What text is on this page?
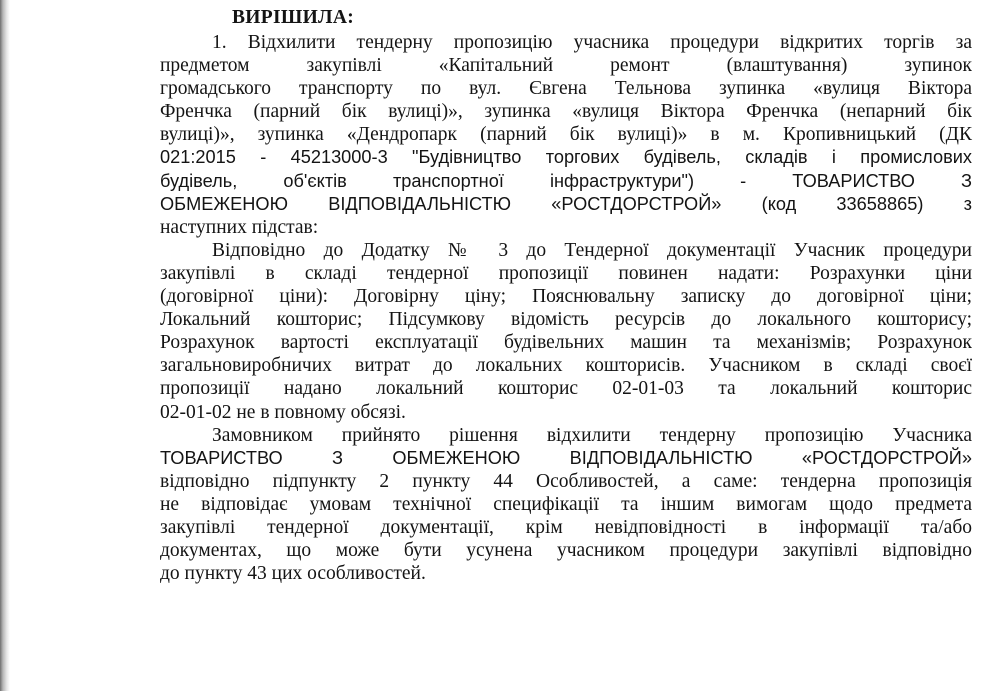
ВИРІШИЛА:
1. Відхилити тендерну пропозицію учасника процедури відкритих торгів за
предметом закупівлі «Капітальний ремонт (влаштування) зупинок
громадського транспорту по вул. Євгена Тельнова зупинка «вулиця Віктора
Френчка (парний бік вулиці)», зупинка «вулиця Віктора Френчка (непарний бік
вулиці)», зупинка «Дендропарк (парний бік вулиці)» в м. Кропивницький (ДК
021:2015 - 45213000-3 "Будівництво торгових будівель, складів і промислових
будівель, об'єктів транспортної інфраструктури") - ТОВАРИСТВО З
ОБМЕЖЕНОЮ ВІДПОВІДАЛЬНІСТЮ «РОСТДОРСТРОЙ» (код 33658865) з
наступних підстав:
Відповідно до Додатку № 3 до Тендерної документації Учасник процедури
закупівлі в складі тендерної пропозиції повинен надати: Розрахунки ціни
(договірної ціни): Договірну ціну; Пояснювальну записку до договірної ціни;
Локальний кошторис; Підсумкову відомість ресурсів до локального кошторису;
Розрахунок вартості експлуатації будівельних машин та механізмів; Розрахунок
загальновиробничих витрат до локальних кошторисів. Учасником в складі своєї
пропозиції надано локальний кошторис 02-01-03 та локальний кошторис
02-01-02 не в повному обсязі.
Замовником прийнято рішення відхилити тендерну пропозицію Учасника
ТОВАРИСТВО З ОБМЕЖЕНОЮ ВІДПОВІДАЛЬНІСТЮ «РОСТДОРСТРОЙ»
відповідно підпункту 2 пункту 44 Особливостей, а саме: тендерна пропозиція
не відповідає умовам технічної специфікації та іншим вимогам щодо предмета
закупівлі тендерної документації, крім невідповідності в інформації та/або
документах, що може бути усунена учасником процедури закупівлі відповідно
до пункту 43 цих особливостей.
